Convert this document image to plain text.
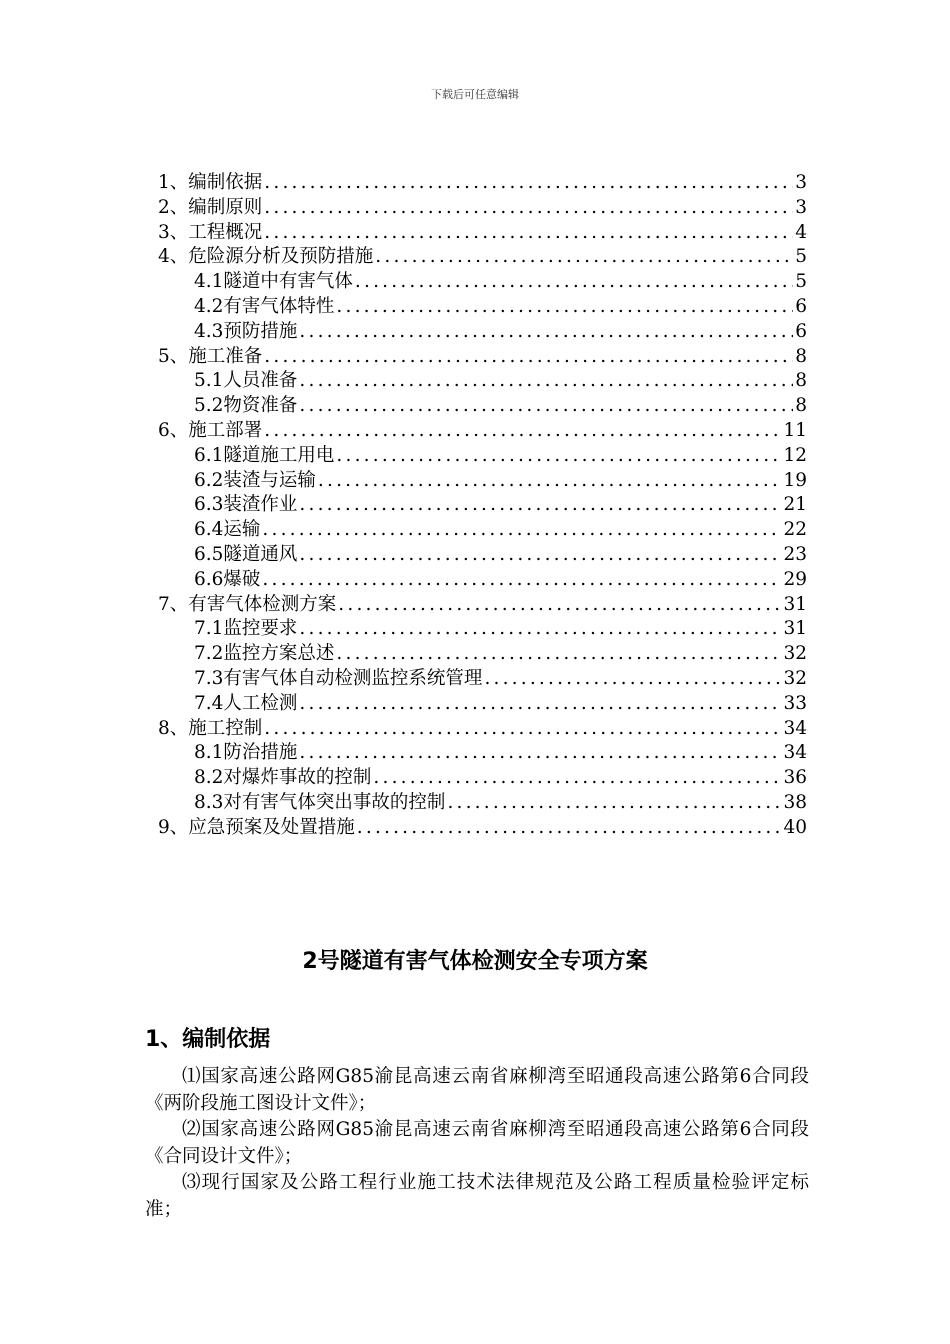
下载后可任意编辑
1、编制依据 .....	3
2、编制原则 .....	3
3、工程概况 .....	4
4、危险源分析及预防措施 .....	5
4.1隧道中有害气体 .....	5
4.2有害气体特性 .....	6
4.3预防措施 .....	6
5、施工准备 .....	8
5.1人员准备 .....	8
5.2物资准备 .....	8
6、施工部署 .....	11
6.1隧道施工用电 .....	12
6.2装渣与运输 .....	19
6.3装渣作业 .....	21
6.4运输 .....	22
6.5隧道通风 .....	23
6.6爆破 .....	29
7、有害气体检测方案 .....	31
7.1监控要求 .....	31
7.2监控方案总述 .....	32
7.3有害气体自动检测监控系统管理 .....	32
7.4人工检测 .....	33
8、施工控制 .....	34
8.1防治措施 .....	34
8.2对爆炸事故的控制 .....	36
8.3对有害气体突出事故的控制 .....	38
9、应急预案及处置措施 .....	40
2号隧道有害气体检测安全专项方案
1、编制依据

⑴国家高速公路网G85渝昆高速云南省麻柳湾至昭通段高速公路第6合同段《两阶段施工图设计文件》；

⑵国家高速公路网G85渝昆高速云南省麻柳湾至昭通段高速公路第6合同段《合同设计文件》；

⑶现行国家及公路工程行业施工技术法律规范及公路工程质量检验评定标准；
